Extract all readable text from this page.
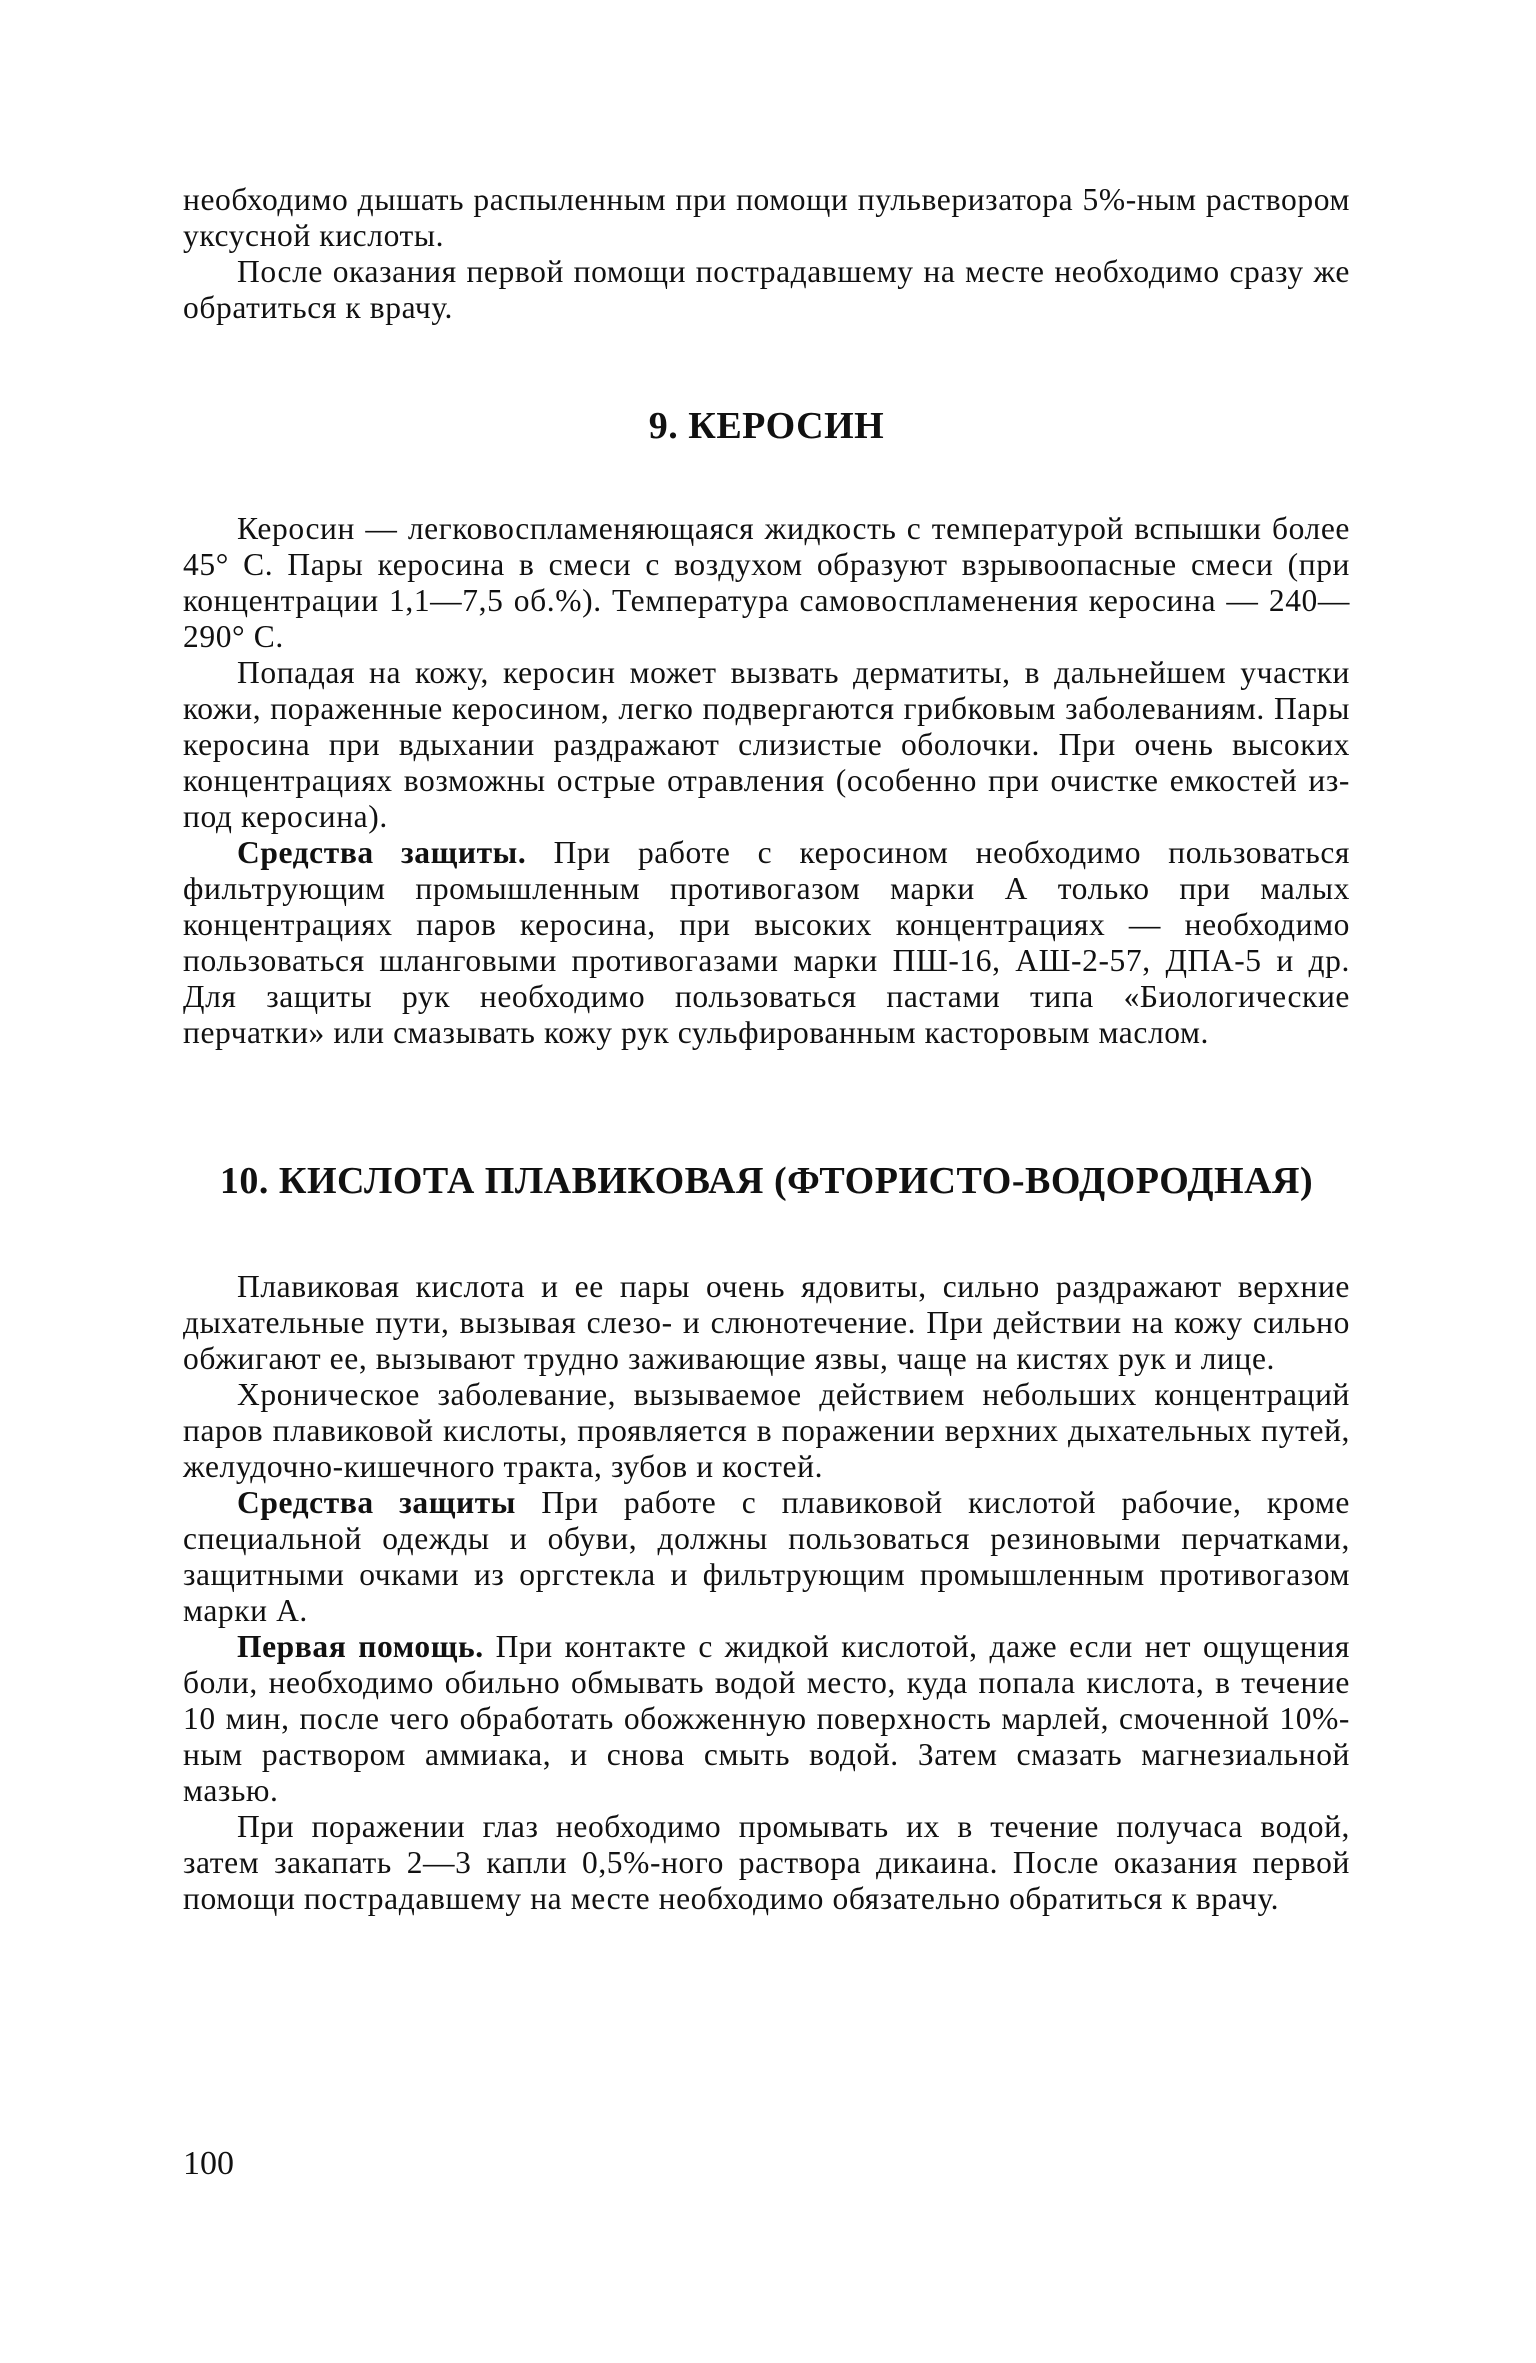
необходимо дышать распыленным при помощи пульверизатора 5%-ным раствором уксусной кислоты.

После оказания первой помощи пострадавшему на месте необходимо сразу же обратиться к врачу.

9. КЕРОСИН

Керосин — легковоспламеняющаяся жидкость с температурой вспышки более 45° С. Пары керосина в смеси с воздухом образуют взрывоопасные смеси (при концентрации 1,1—7,5 об.%). Температура самовоспламенения керосина — 240—290° С.

Попадая на кожу, керосин может вызвать дерматиты, в дальнейшем участки кожи, пораженные керосином, легко подвергаются грибковым заболеваниям. Пары керосина при вдыхании раздражают слизистые оболочки. При очень высоких концентрациях возможны острые отравления (особенно при очистке емкостей из-под керосина).

Средства защиты. При работе с керосином необходимо пользоваться фильтрующим промышленным противогазом марки А только при малых концентрациях паров керосина, при высоких концентрациях — необходимо пользоваться шланговыми противогазами марки ПШ-16, АШ-2-57, ДПА-5 и др. Для защиты рук необходимо пользоваться пастами типа «Биологические перчатки» или смазывать кожу рук сульфированным касторовым маслом.

10. КИСЛОТА ПЛАВИКОВАЯ (ФТОРИСТО-ВОДОРОДНАЯ)

Плавиковая кислота и ее пары очень ядовиты, сильно раздражают верхние дыхательные пути, вызывая слезо- и слюнотечение. При действии на кожу сильно обжигают ее, вызывают трудно заживающие язвы, чаще на кистях рук и лице.

Хроническое заболевание, вызываемое действием небольших концентраций паров плавиковой кислоты, проявляется в поражении верхних дыхательных путей, желудочно-кишечного тракта, зубов и костей.

Средства защиты При работе с плавиковой кислотой рабочие, кроме специальной одежды и обуви, должны пользоваться резиновыми перчатками, защитными очками из оргстекла и фильтрующим промышленным противогазом марки А.

Первая помощь. При контакте с жидкой кислотой, даже если нет ощущения боли, необходимо обильно обмывать водой место, куда попала кислота, в течение 10 мин, после чего обработать обожженную поверхность марлей, смоченной 10%-ным раствором аммиака, и снова смыть водой. Затем смазать магнезиальной мазью.

При поражении глаз необходимо промывать их в течение получаса водой, затем закапать 2—3 капли 0,5%-ного раствора дикаина. После оказания первой помощи пострадавшему на месте необходимо обязательно обратиться к врачу.

100
